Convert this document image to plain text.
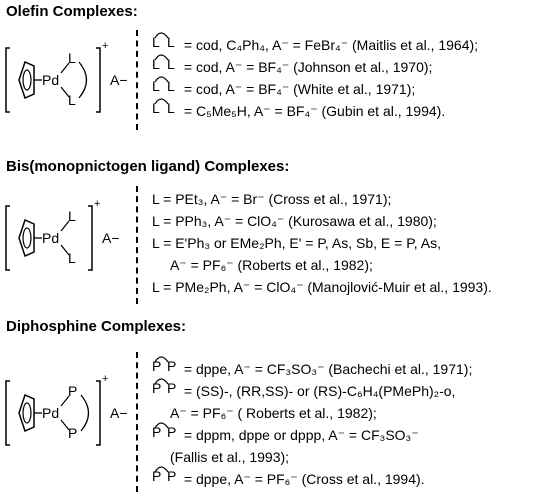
Olefin Complexes:
Pd
L
L
+
A−
L L = cod, C₄Ph₄, A⁻ = FeBr₄⁻ (Maitlis et al., 1964);
L L = cod, A⁻ = BF₄⁻ (Johnson et al., 1970);
L L = cod, A⁻ = BF₄⁻ (White et al., 1971);
L L = C₅Me₅H, A⁻ = BF₄⁻ (Gubin et al., 1994).
Bis(monopnictogen ligand) Complexes:
Pd
L
L
+
A−
L = PEt₃, A⁻ = Br⁻ (Cross et al., 1971);
L = PPh₃, A⁻ = ClO₄⁻ (Kurosawa et al., 1980);
L = E'Ph₃ or EMe₂Ph, E' = P, As, Sb, E = P, As,
A⁻ = PF₆⁻ (Roberts et al., 1982);
L = PMe₂Ph, A⁻ = ClO₄⁻ (Manojlović-Muir et al., 1993).
Diphosphine Complexes:
Pd
P
P
+
A−
P P = dppe, A⁻ = CF₃SO₃⁻ (Bachechi et al., 1971);
P P = (SS)-, (RR,SS)- or (RS)-C₆H₄(PMePh)₂-o,
A⁻ = PF₆⁻ ( Roberts et al., 1982);
P P = dppm, dppe or dppp, A⁻ = CF₃SO₃⁻
(Fallis et al., 1993);
P P = dppe, A⁻ = PF₆⁻ (Cross et al., 1994).
